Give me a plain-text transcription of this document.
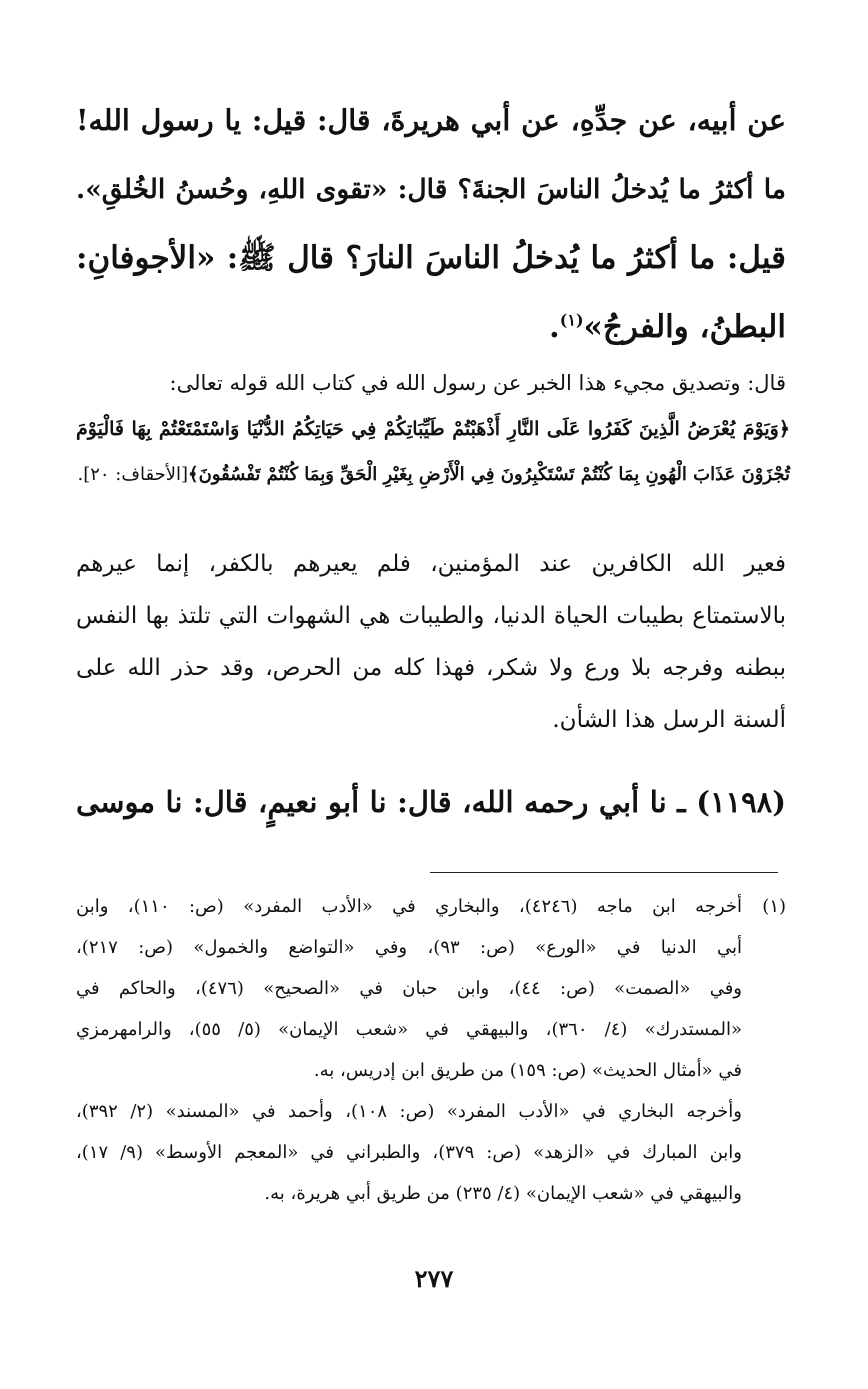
عن أبيه، عن جدِّهِ، عن أبي هريرةَ، قال: قيل: يا رسول الله!

ما أكثرُ ما يُدخلُ الناسَ الجنةَ؟ قال: «تقوى اللهِ، وحُسنُ الخُلقِ».

قيل: ما أكثرُ ما يُدخلُ الناسَ النارَ؟ قال ﷺ: «الأجوفانِ:

البطنُ، والفرجُ»$^{(١)}$.

قال: وتصديق مجيء هذا الخبر عن رسول الله في كتاب الله قوله تعالى:

﴿وَيَوْمَ يُعْرَضُ الَّذِينَ كَفَرُوا عَلَى النَّارِ أَذْهَبْتُمْ طَيِّبَاتِكُمْ فِي حَيَاتِكُمُ الدُّنْيَا وَاسْتَمْتَعْتُمْ بِهَا فَالْيَوْمَ

تُجْزَوْنَ عَذَابَ الْهُونِ بِمَا كُنْتُمْ تَسْتَكْبِرُونَ فِي الْأَرْضِ بِغَيْرِ الْحَقِّ وَبِمَا كُنْتُمْ تَفْسُقُونَ﴾[الأحقاف: ٢٠].

فعير الله الكافرين عند المؤمنين، فلم يعيرهم بالكفر، إنما عيرهم

بالاستمتاع بطيبات الحياة الدنيا، والطيبات هي الشهوات التي تلتذ بها النفس

ببطنه وفرجه بلا ورع ولا شكر، فهذا كله من الحرص، وقد حذر الله على

ألسنة الرسل هذا الشأن.

(١١٩٨) ـ نا أبي رحمه الله، قال: نا أبو نعيمٍ، قال: نا موسى

(١)أخرجه ابن ماجه (٤٢٤٦)، والبخاري في «الأدب المفرد» (ص: ١١٠)، وابن

أبي الدنيا في «الورع» (ص: ٩٣)، وفي «التواضع والخمول» (ص: ٢١٧)،

وفي «الصمت» (ص: ٤٤)، وابن حبان في «الصحيح» (٤٧٦)، والحاكم في

«المستدرك» (٤/ ٣٦٠)، والبيهقي في «شعب الإيمان» (٥/ ٥٥)، والرامهرمزي

في «أمثال الحديث» (ص: ١٥٩) من طريق ابن إدريس، به.

وأخرجه البخاري في «الأدب المفرد» (ص: ١٠٨)، وأحمد في «المسند» (٢/ ٣٩٢)،

وابن المبارك في «الزهد» (ص: ٣٧٩)، والطبراني في «المعجم الأوسط» (٩/ ١٧)،

والبيهقي في «شعب الإيمان» (٤/ ٢٣٥) من طريق أبي هريرة، به.

٢٧٧
